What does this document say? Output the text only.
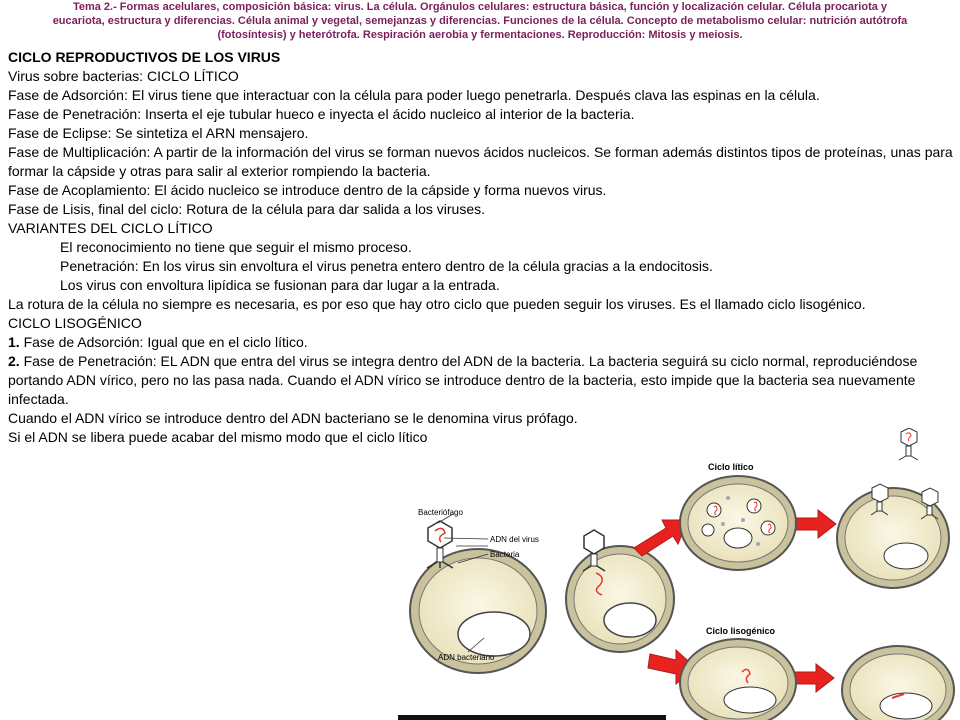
Tema 2.- Formas acelulares, composición básica: virus. La célula. Orgánulos celulares: estructura básica, función y localización celular. Célula procariota y
eucariota, estructura y diferencias. Célula animal y vegetal, semejanzas y diferencias. Funciones de la célula. Concepto de metabolismo celular: nutrición autótrofa
(fotosíntesis) y heterótrofa. Respiración aerobia y fermentaciones. Reproducción: Mitosis y meiosis.

CICLO REPRODUCTIVOS DE LOS VIRUS

Virus sobre bacterias: CICLO LÍTICO

Fase de Adsorción: El virus tiene que interactuar con la célula para poder luego penetrarla. Después clava las espinas en la célula.

Fase de Penetración: Inserta el eje tubular hueco e inyecta el ácido nucleico al interior de la bacteria.

Fase de Eclipse: Se sintetiza el ARN mensajero.

Fase de Multiplicación: A partir de la información del virus se forman nuevos ácidos nucleicos. Se forman además distintos tipos de proteínas, unas para formar la cápside y otras para salir al exterior rompiendo la bacteria.

Fase de Acoplamiento: El ácido nucleico se introduce dentro de la cápside y forma nuevos virus.

Fase de Lisis, final del ciclo: Rotura de la célula para dar salida a los viruses.

VARIANTES DEL CICLO LÍTICO

El reconocimiento no tiene que seguir el mismo proceso.

Penetración: En los virus sin envoltura el virus penetra entero dentro de la célula gracias a la endocitosis.

Los virus con envoltura lipídica se fusionan para dar lugar a la entrada.

La rotura de la célula no siempre es necesaria, es por eso que hay otro ciclo que pueden seguir los viruses. Es el llamado ciclo lisogénico.

CICLO LISOGÉNICO

1. Fase de Adsorción: Igual que en el ciclo lítico.

2. Fase de Penetración: EL ADN que entra del virus se integra dentro del ADN de la bacteria. La bacteria seguirá su ciclo normal, reproduciéndose portando ADN vírico, pero no las pasa nada. Cuando el ADN vírico se introduce dentro de la bacteria, esto impide que la bacteria sea nuevamente infectada.

Cuando el ADN vírico se introduce dentro del ADN bacteriano se le denomina virus prófago.

Si el ADN se libera puede acabar del mismo modo que el ciclo lítico

Bacteriófago
ADN del virus
Bacteria
ADN bacteriano
Ciclo lítico
Ciclo lisogénico
